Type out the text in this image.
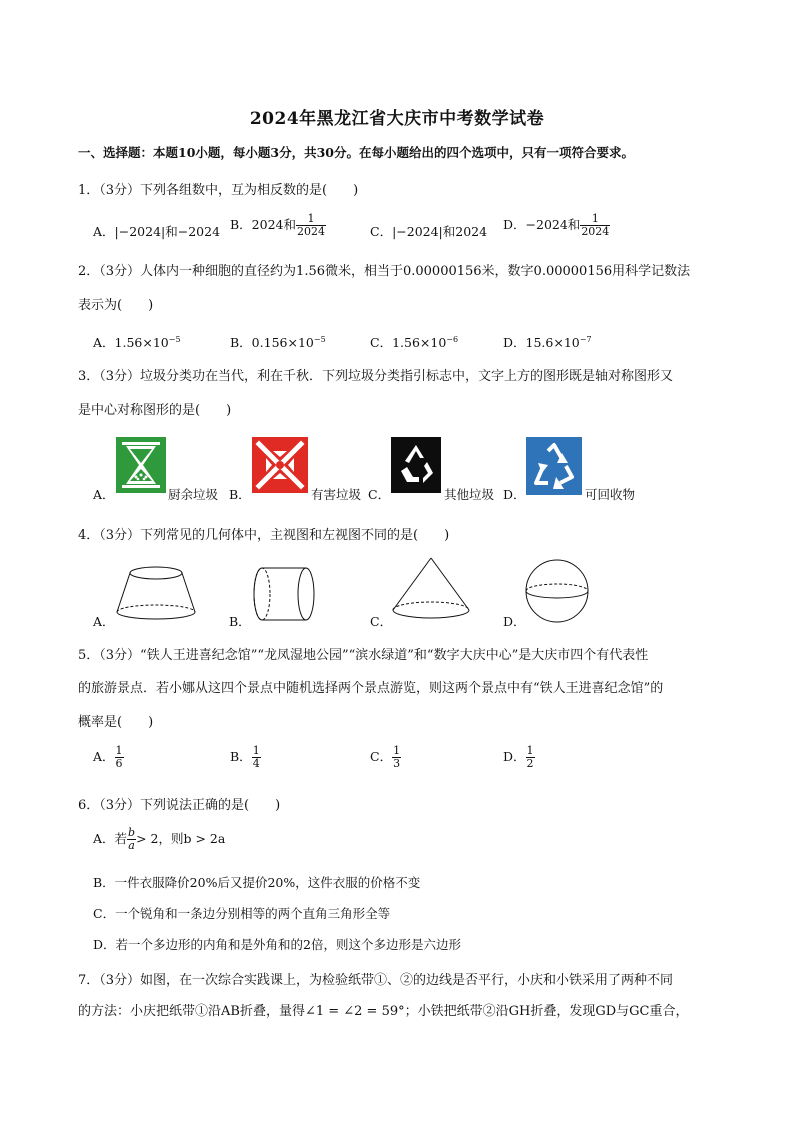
2024年黑龙江省大庆市中考数学试卷
一、选择题：本题10小题，每小题3分，共30分。在每小题给出的四个选项中，只有一项符合要求。
1．（3分）下列各组数中，互为相反数的是(　　)
A．|−2024|和−2024 B．2024和 $\frac{1}{2024}$	C．|−2024|和2024 D．−2024和 $\frac{1}{2024}$
2．（3分）人体内一种细胞的直径约为1.56微米，相当于0.00000156米，数字0.00000156用科学记数法
表示为(　　)
A．$1.56\times 10^{-5}$	B．$0.156\times 10^{-5}$	C．$1.56\times 10^{-6}$	D．$15.6\times 10^{-7}$
3．（3分）垃圾分类功在当代，利在千秋．下列垃圾分类指引标志中，文字上方的图形既是轴对称图形又
是中心对称图形的是(　　)
A．	厨余垃圾 B．	有害垃圾 C．	其他垃圾 D．	可回收物
4．（3分）下列常见的几何体中，主视图和左视图不同的是(　　)
A．	B．	C．	D．
5．（3分）“铁人王进喜纪念馆”“龙凤湿地公园”“滨水绿道”和“数字大庆中心”是大庆市四个有代表性
的旅游景点．若小娜从这四个景点中随机选择两个景点游览，则这两个景点中有“铁人王进喜纪念馆”的
概率是(　　)
A． $\frac{1}{6}$	B． $\frac{1}{4}$	C． $\frac{1}{3}$	D． $\frac{1}{2}$
6．（3分）下列说法正确的是(　　)
A．若 $\frac{b}{a} > 2$，则b > 2a
B．一件衣服降价20%后又提价20%，这件衣服的价格不变
C．一个锐角和一条边分别相等的两个直角三角形全等
D．若一个多边形的内角和是外角和的2倍，则这个多边形是六边形
7．（3分）如图，在一次综合实践课上，为检验纸带①、②的边线是否平行，小庆和小铁采用了两种不同
的方法：小庆把纸带①沿AB折叠，量得∠1 = ∠2 = 59°；小铁把纸带②沿GH折叠，发现GD与GC重合，
